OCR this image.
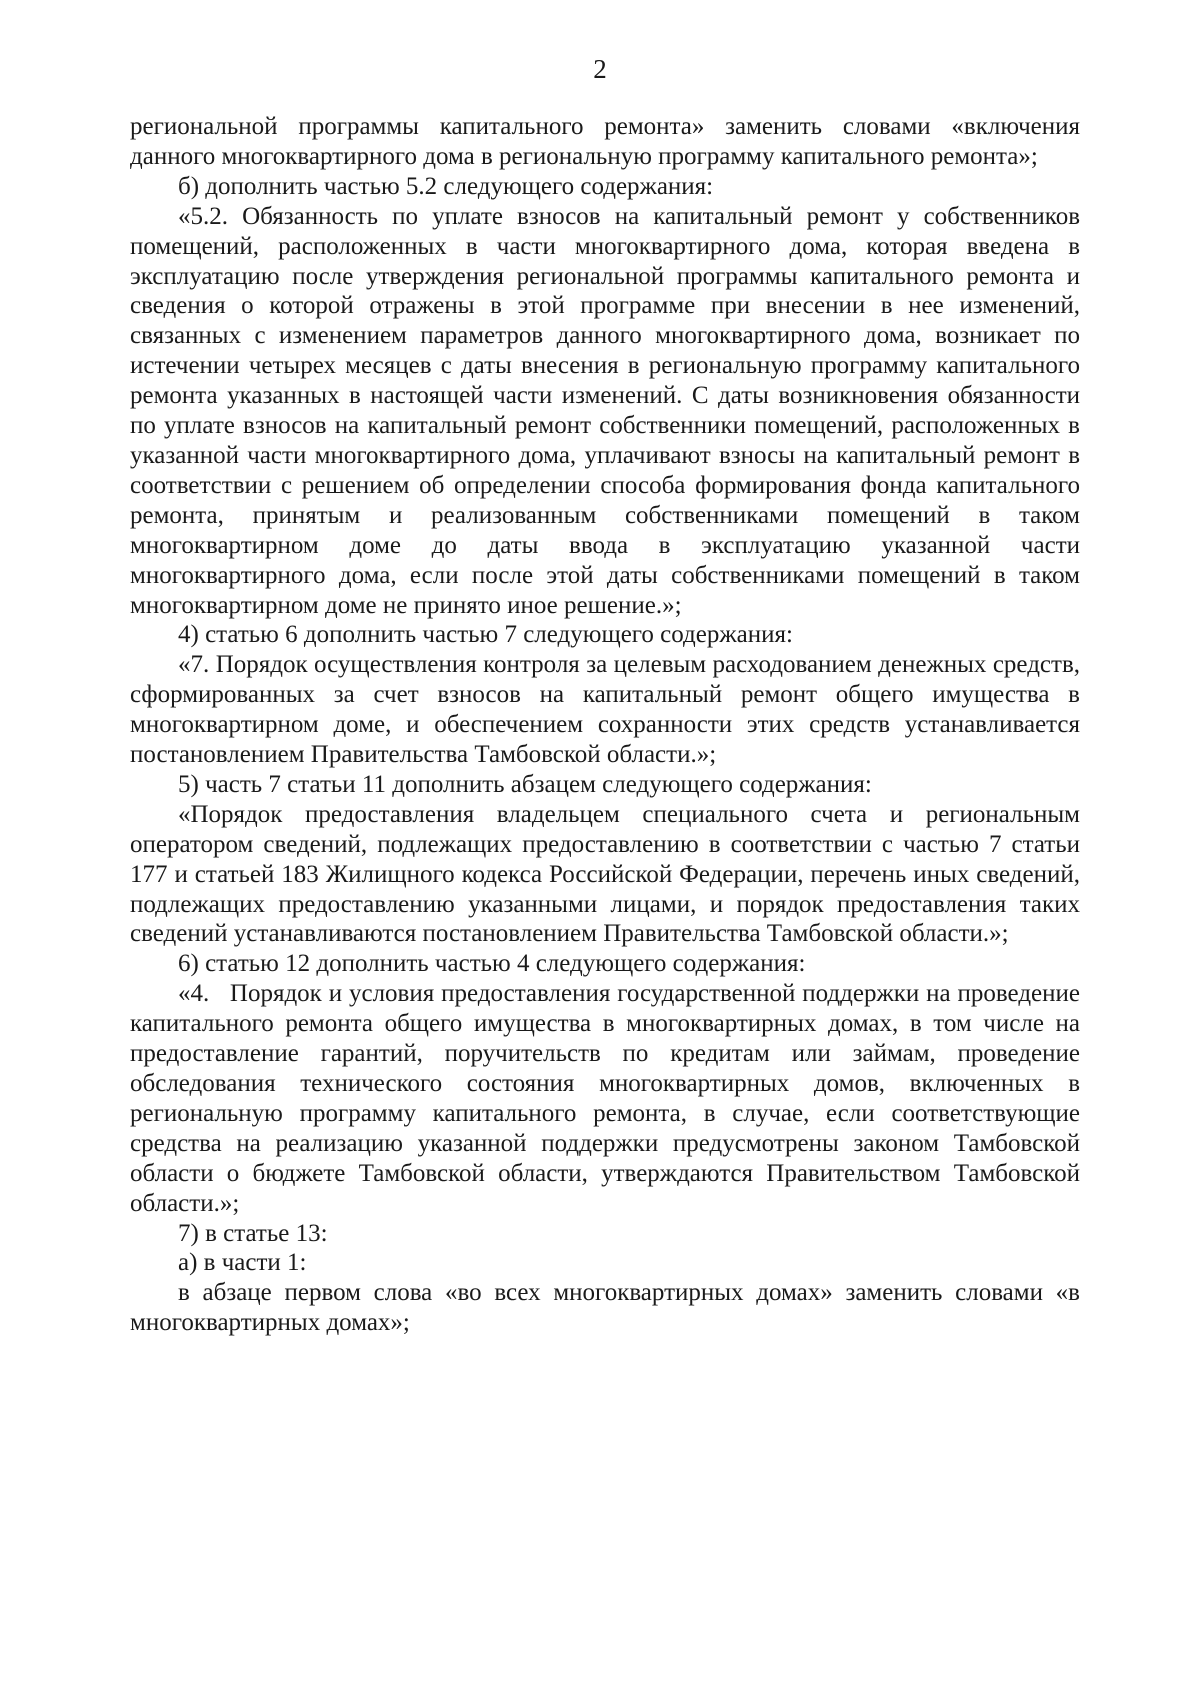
2

региональной программы капитального ремонта» заменить словами «включения данного многоквартирного дома в региональную программу капитального ремонта»;

б) дополнить частью 5.2 следующего содержания:

«5.2. Обязанность по уплате взносов на капитальный ремонт у собственников помещений, расположенных в части многоквартирного дома, которая введена в эксплуатацию после утверждения региональной программы капитального ремонта и сведения о которой отражены в этой программе при внесении в нее изменений, связанных с изменением параметров данного многоквартирного дома, возникает по истечении четырех месяцев с даты внесения в региональную программу капитального ремонта указанных в настоящей части изменений. С даты возникновения обязанности по уплате взносов на капитальный ремонт собственники помещений, расположенных в указанной части многоквартирного дома, уплачивают взносы на капитальный ремонт в соответствии с решением об определении способа формирования фонда капитального ремонта, принятым и реализованным собственниками помещений в таком многоквартирном доме до даты ввода в эксплуатацию указанной части многоквартирного дома, если после этой даты собственниками помещений в таком многоквартирном доме не принято иное решение.»;

4) статью 6 дополнить частью 7 следующего содержания:

«7. Порядок осуществления контроля за целевым расходованием денежных средств, сформированных за счет взносов на капитальный ремонт общего имущества в многоквартирном доме, и обеспечением сохранности этих средств устанавливается постановлением Правительства Тамбовской области.»;

5) часть 7 статьи 11 дополнить абзацем следующего содержания:

«Порядок предоставления владельцем специального счета и региональным оператором сведений, подлежащих предоставлению в соответствии с частью 7 статьи 177 и статьей 183 Жилищного кодекса Российской Федерации, перечень иных сведений, подлежащих предоставлению указанными лицами, и порядок предоставления таких сведений устанавливаются постановлением Правительства Тамбовской области.»;

6) статью 12 дополнить частью 4 следующего содержания:

«4.   Порядок и условия предоставления государственной поддержки на проведение капитального ремонта общего имущества в многоквартирных домах, в том числе на предоставление гарантий, поручительств по кредитам или займам, проведение обследования технического состояния многоквартирных домов, включенных в региональную программу капитального ремонта, в случае, если соответствующие средства на реализацию указанной поддержки предусмотрены законом Тамбовской области о бюджете Тамбовской области, утверждаются Правительством Тамбовской области.»;

7) в статье 13:

а) в части 1:

в абзаце первом слова «во всех многоквартирных домах» заменить словами «в многоквартирных домах»;
